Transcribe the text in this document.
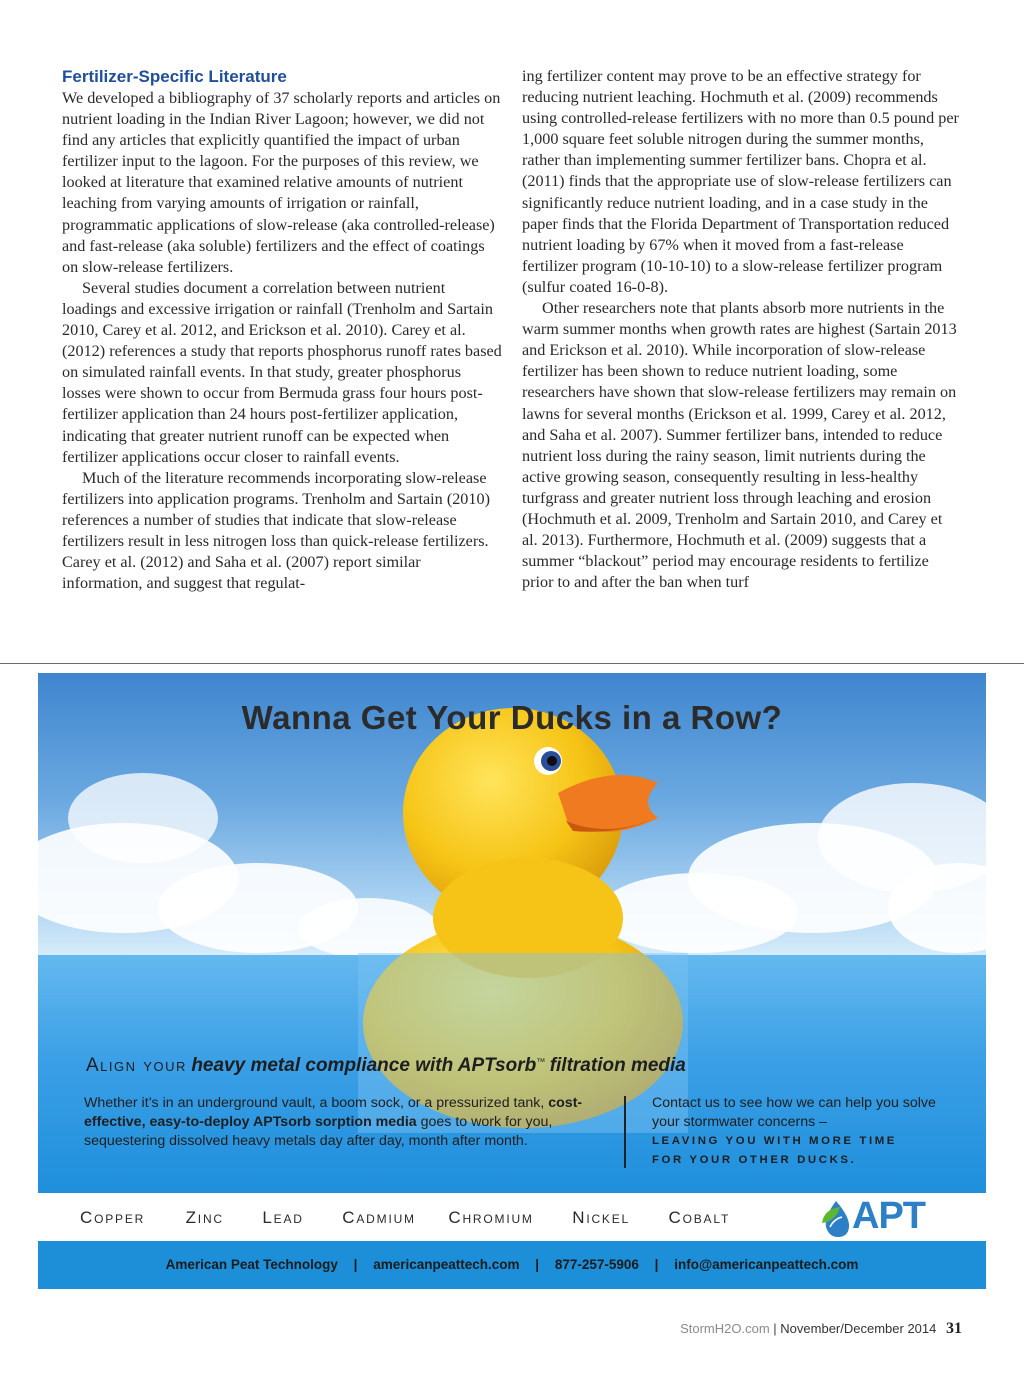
Fertilizer-Specific Literature

We developed a bibliography of 37 scholarly reports and articles on nutrient loading in the Indian River Lagoon; however, we did not find any articles that explicitly quantified the impact of urban fertilizer input to the lagoon. For the purposes of this review, we looked at literature that examined relative amounts of nutrient leaching from varying amounts of irrigation or rainfall, programmatic applications of slow-release (aka controlled-release) and fast-release (aka soluble) fertilizers and the effect of coatings on slow-release fertilizers.

Several studies document a correlation between nutrient loadings and excessive irrigation or rainfall (Trenholm and Sartain 2010, Carey et al. 2012, and Erickson et al. 2010). Carey et al. (2012) references a study that reports phosphorus runoff rates based on simulated rainfall events. In that study, greater phosphorus losses were shown to occur from Bermuda grass four hours post-fertilizer application than 24 hours post-fertilizer application, indicating that greater nutrient runoff can be expected when fertilizer applications occur closer to rainfall events.

Much of the literature recommends incorporating slow-release fertilizers into application programs. Trenholm and Sartain (2010) references a number of studies that indicate that slow-release fertilizers result in less nitrogen loss than quick-release fertilizers. Carey et al. (2012) and Saha et al. (2007) report similar information, and suggest that regulat-

ing fertilizer content may prove to be an effective strategy for reducing nutrient leaching. Hochmuth et al. (2009) recommends using controlled-release fertilizers with no more than 0.5 pound per 1,000 square feet soluble nitrogen during the summer months, rather than implementing summer fertilizer bans. Chopra et al. (2011) finds that the appropriate use of slow-release fertilizers can significantly reduce nutrient loading, and in a case study in the paper finds that the Florida Department of Transportation reduced nutrient loading by 67% when it moved from a fast-release fertilizer program (10-10-10) to a slow-release fertilizer program (sulfur coated 16-0-8).

Other researchers note that plants absorb more nutrients in the warm summer months when growth rates are highest (Sartain 2013 and Erickson et al. 2010). While incorporation of slow-release fertilizer has been shown to reduce nutrient loading, some researchers have shown that slow-release fertilizers may remain on lawns for several months (Erickson et al. 1999, Carey et al. 2012, and Saha et al. 2007). Summer fertilizer bans, intended to reduce nutrient loss during the rainy season, limit nutrients during the active growing season, consequently resulting in less-healthy turfgrass and greater nutrient loss through leaching and erosion (Hochmuth et al. 2009, Trenholm and Sartain 2010, and Carey et al. 2013). Furthermore, Hochmuth et al. (2009) suggests that a summer “blackout” period may encourage residents to fertilize prior to and after the ban when turf

Wanna Get Your Ducks in a Row?
Align your heavy metal compliance with APTsorb™ filtration media
Whether it’s in an underground vault, a boom sock, or a pressurized tank, cost-effective, easy-to-deploy APTsorb sorption media goes to work for you, sequestering dissolved heavy metals day after day, month after month.
Contact us to see how we can help you solve your stormwater concerns –
LEAVING YOU WITH MORE TIME
FOR YOUR OTHER DUCKS.
Copper Zinc Lead Cadmium Chromium Nickel Cobalt	APT
American Peat Technology | americanpeattech.com | 877-257-5906 | info@americanpeattech.com
StormH2O.com | November/December 2014 31
